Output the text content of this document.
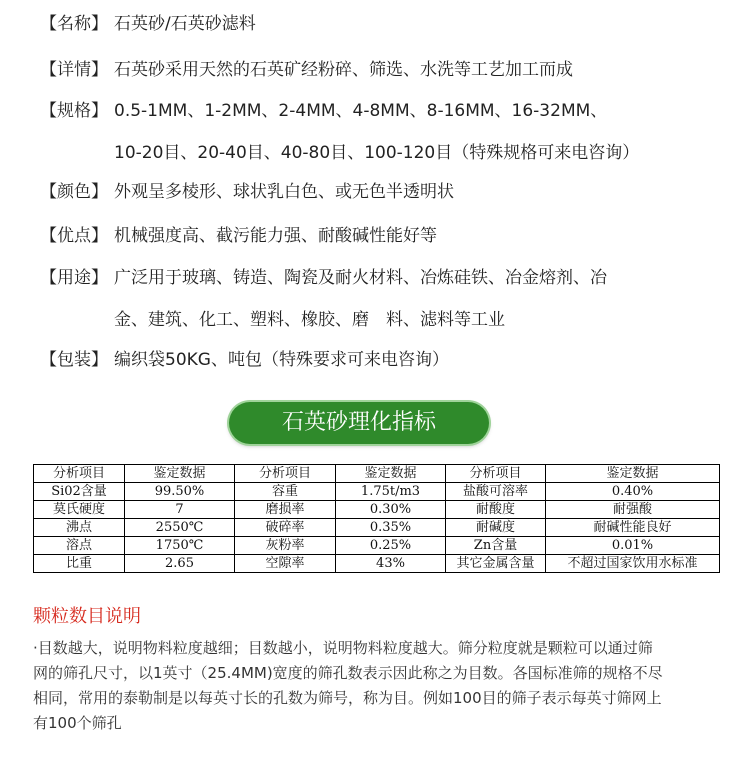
【名称】 石英砂/石英砂滤料
【详情】 石英砂采用天然的石英矿经粉碎、筛选、水洗等工艺加工而成
【规格】 0.5-1MM、1-2MM、2-4MM、4-8MM、8-16MM、16-32MM、
10-20目、20-40目、40-80目、100-120目（特殊规格可来电咨询）
【颜色】 外观呈多棱形、球状乳白色、或无色半透明状
【优点】 机械强度高、截污能力强、耐酸碱性能好等
【用途】 广泛用于玻璃、铸造、陶瓷及耐火材料、冶炼硅铁、冶金熔剂、冶
金、建筑、化工、塑料、橡胶、磨　料、滤料等工业
【包装】 编织袋50KG、吨包（特殊要求可来电咨询）
石英砂理化指标
分析项目	鉴定数据	分析项目	鉴定数据	分析项目	鉴定数据
Si02含量	99.50%	容重	1.75t/m3	盐酸可溶率	0.40%
莫氏硬度	7	磨损率	0.30%	耐酸度	耐强酸
沸点	2550℃	破碎率	0.35%	耐碱度	耐碱性能良好
溶点	1750℃	灰粉率	0.25%	Zn含量	0.01%
比重	2.65	空隙率	43%	其它金属含量	不超过国家饮用水标准
颗粒数目说明
·目数越大，说明物料粒度越细；目数越小，说明物料粒度越大。筛分粒度就是颗粒可以通过筛
网的筛孔尺寸，以1英寸（25.4MM)宽度的筛孔数表示因此称之为目数。各国标准筛的规格不尽
相同，常用的泰勒制是以每英寸长的孔数为筛号，称为目。例如100目的筛子表示每英寸筛网上
有100个筛孔
